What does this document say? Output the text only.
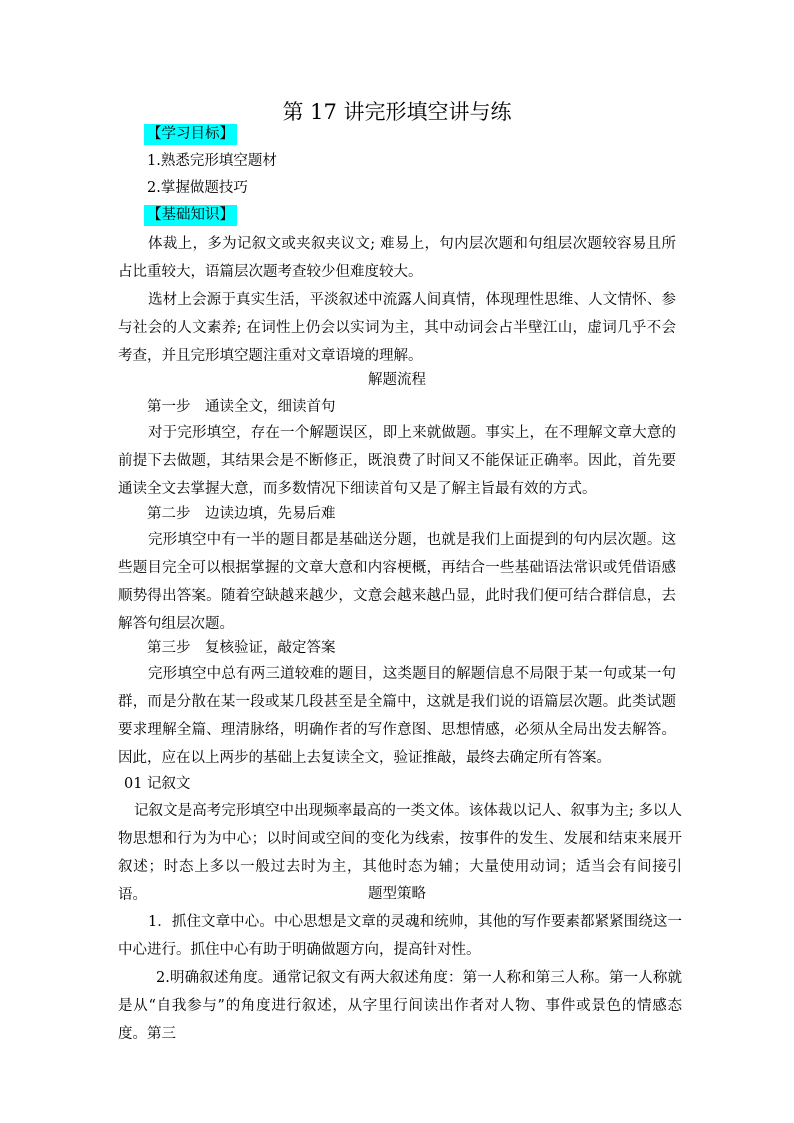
第 17 讲完形填空讲与练
【学习目标】
1.熟悉完形填空题材
2.掌握做题技巧
【基础知识】

体裁上，多为记叙文或夹叙夹议文; 难易上，句内层次题和句组层次题较容易且所占比重较大，语篇层次题考查较少但难度较大。

选材上会源于真实生活，平淡叙述中流露人间真情，体现理性思维、人文情怀、参与社会的人文素养; 在词性上仍会以实词为主，其中动词会占半壁江山，虚词几乎不会考查，并且完形填空题注重对文章语境的理解。

解题流程
第一步　通读全文，细读首句

对于完形填空，存在一个解题误区，即上来就做题。事实上，在不理解文章大意的前提下去做题，其结果会是不断修正，既浪费了时间又不能保证正确率。因此，首先要通读全文去掌握大意，而多数情况下细读首句又是了解主旨最有效的方式。

第二步　边读边填，先易后难

完形填空中有一半的题目都是基础送分题，也就是我们上面提到的句内层次题。这些题目完全可以根据掌握的文章大意和内容梗概，再结合一些基础语法常识或凭借语感顺势得出答案。随着空缺越来越少，文意会越来越凸显，此时我们便可结合群信息，去解答句组层次题。

第三步　复核验证，敲定答案

完形填空中总有两三道较难的题目，这类题目的解题信息不局限于某一句或某一句群，而是分散在某一段或某几段甚至是全篇中，这就是我们说的语篇层次题。此类试题要求理解全篇、理清脉络，明确作者的写作意图、思想情感，必须从全局出发去解答。因此，应在以上两步的基础上去复读全文，验证推敲，最终去确定所有答案。

01 记叙文

记叙文是高考完形填空中出现频率最高的一类文体。该体裁以记人、叙事为主; 多以人物思想和行为为中心；以时间或空间的变化为线索，按事件的发生、发展和结束来展开叙述；时态上多以一般过去时为主，其他时态为辅；大量使用动词；适当会有间接引语。	题型策略

1．抓住文章中心。中心思想是文章的灵魂和统帅，其他的写作要素都紧紧围绕这一中心进行。抓住中心有助于明确做题方向，提高针对性。

2.明确叙述角度。通常记叙文有两大叙述角度：第一人称和第三人称。第一人称就是从“自我参与”的角度进行叙述，从字里行间读出作者对人物、事件或景色的情感态度。第三
